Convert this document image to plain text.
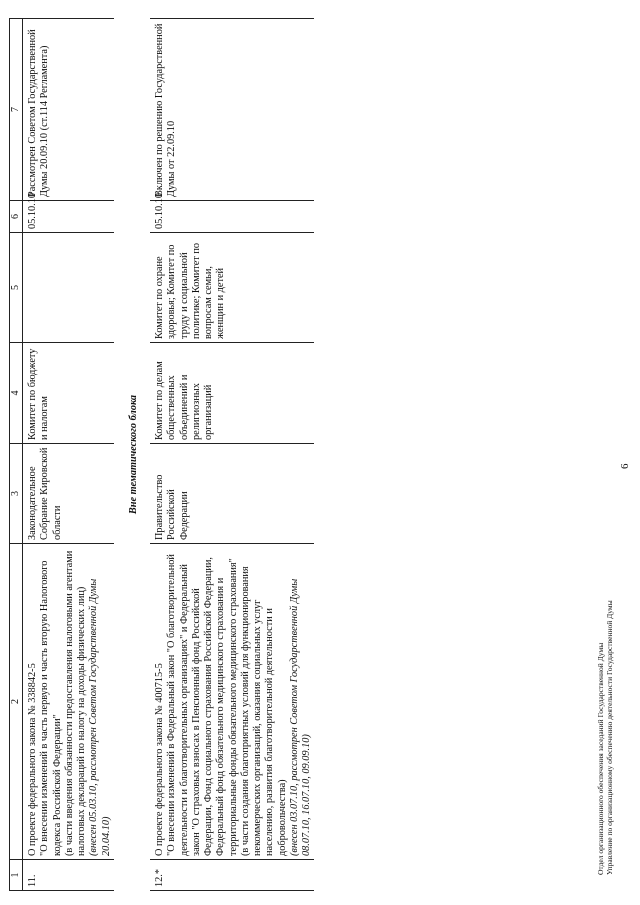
6
1	2	3	4	5	6	7
11.	О проекте федерального закона № 338842-5 "О внесении изменений в часть первую и часть вторую Налогового кодекса Российской Федерации" (в части введения обязанности предоставления налоговыми агентами налоговых деклараций по налогу на доходы физических лиц) (внесен 05.03.10, рассмотрен Советом Государственной Думы 20.04.10)	Законодательное Собрание Кировской области	Комитет по бюджету и налогам		05.10.10	Рассмотрен Советом Государственной Думы 20.09.10 (ст.114 Регламента)
Вне тематического блока						
12.*	О проекте федерального закона № 400715-5 "О внесении изменений в Федеральный закон "О благотворительной деятельности и благотворительных организациях" и Федеральный закон "О страховых взносах в Пенсионный фонд Российской Федерации, Фонд социального страхования Российской Федерации, Федеральный фонд обязательного медицинского страхования и территориальные фонды обязательного медицинского страхования" (в части создания благоприятных условий для функционирования некоммерческих организаций, оказания социальных услуг населению, развития благотворительной деятельности и добровольчества) (внесен 03.07.10, рассмотрен Советом Государственной Думы 08.07.10, 16.07.10, 09.09.10)	Правительство Российской Федерации	Комитет по делам общественных объединений и религиозных организаций	Комитет по охране здоровья; Комитет по труду и социальной политике; Комитет по вопросам семьи, женщин и детей	05.10.10	Включен по решению Государственной Думы от 22.09.10
Отдел организационного обеспечения заседаний Государственной Думы Управление по организационному обеспечению деятельности Государственной Думы
